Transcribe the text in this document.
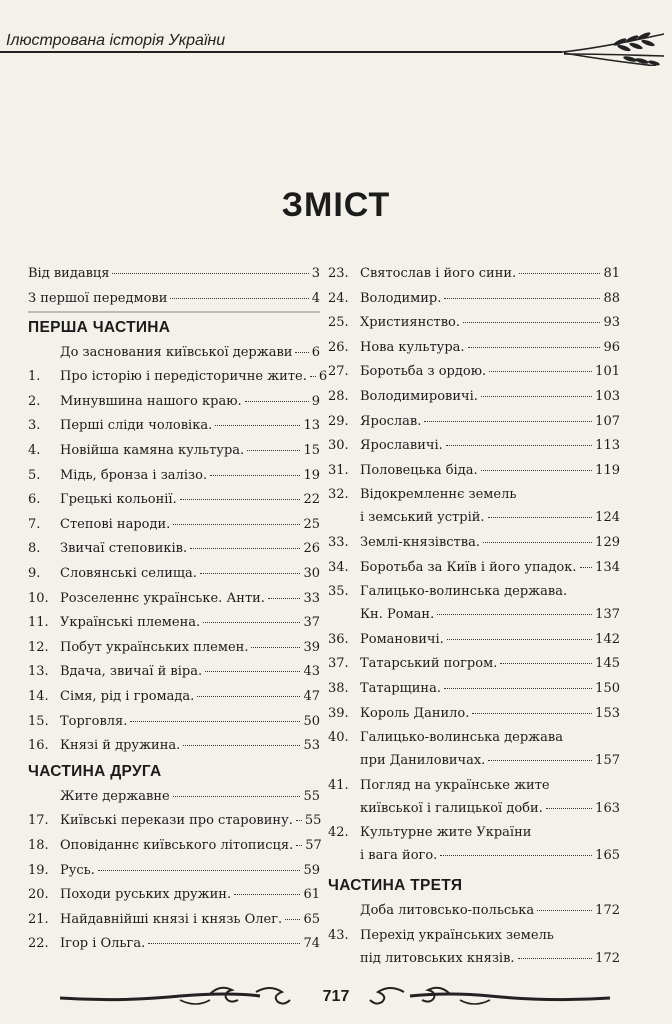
Ілюстрована історія України
ЗМІСТ
Від видавця	3
З першої передмови	4
ПЕРША ЧАСТИНА
До заснования київської держави 6
1.	Про історію і передісторичне жите. 6
2.	Минувшина нашого краю.	9
3.	Перші сліди чоловіка.	13
4.	Новійша камяна культура.	15
5.	Мідь, бронза і залізо.	19
6.	Грецькі кольонії.	22
7.	Степові народи.	25
8.	Звичаї степовиків.	26
9.	Словянські селища.	30
10. Розселеннє українське. Анти.	33
11. Українські племена.	37
12. Побут українських племен.	39
13. Вдача, звичаї й віра.	43
14. Сімя, рід і громада.	47
15. Торговля.	50
16. Князі й дружина.	53
ЧАСТИНА ДРУГА
Жите державне	55
17. Київські перекази про старовину. 55
18. Оповіданнє київського літописця. 57
19. Русь.	59
20. Походи руських дружин.	61
21. Найдавнійші князі і князь Олег. 65
22. Ігор і Ольга.	74
23. Святослав і його сини.	81
24. Володимир.	88
25. Християнство.	93
26. Нова культура.	96
27. Боротьба з ордою.	101
28. Володимировичі.	103
29. Ярослав.	107
30. Ярославичі.	113
31. Половецька біда.	119
32. Відокремленнє земель
і земський устрій.	124
33. Землі-князівства.	129
34. Боротьба за Київ і його упадок. 134
35. Галицько-волинська держава.
Кн. Роман.	137
36. Романовичі.	142
37. Татарський погром.	145
38. Татарщина.	150
39. Король Данило.	153
40. Галицько-волинська держава
при Даниловичах.	157
41. Погляд на українське жите
київської і галицької доби.	163
42. Культурне жите України
і вага його.	165
ЧАСТИНА ТРЕТЯ
Доба литовсько-польська	172
43. Перехід українських земель
під литовських князів.	172
717
